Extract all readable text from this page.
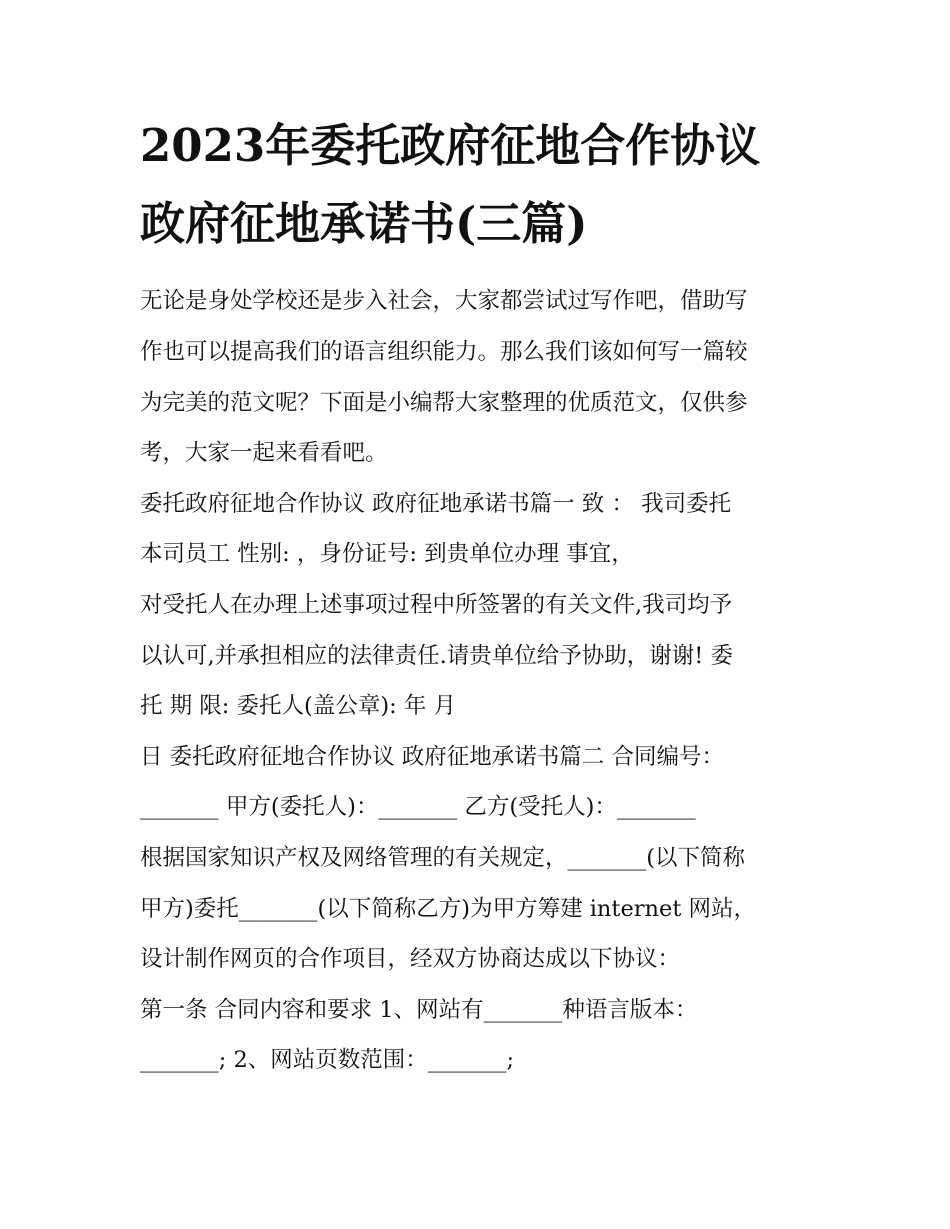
2023年委托政府征地合作协议
政府征地承诺书(三篇)

无论是身处学校还是步入社会，大家都尝试过写作吧，借助写

作也可以提高我们的语言组织能力。那么我们该如何写一篇较

为完美的范文呢？下面是小编帮大家整理的优质范文，仅供参

考，大家一起来看看吧。

委托政府征地合作协议 政府征地承诺书篇一 致 ： 我司委托

本司员工 性别: ，身份证号: 到贵单位办理 事宜，

对受托人在办理上述事项过程中所签署的有关文件,我司均予

以认可,并承担相应的法律责任.请贵单位给予协助，谢谢! 委

托 期 限: 委托人(盖公章): 年 月

日 委托政府征地合作协议 政府征地承诺书篇二 合同编号：

_______ 甲方(委托人)：_______ 乙方(受托人)：_______

根据国家知识产权及网络管理的有关规定，_______(以下简称

甲方)委托_______(以下简称乙方)为甲方筹建 internet 网站，

设计制作网页的合作项目，经双方协商达成以下协议：

第一条 合同内容和要求 1、网站有_______种语言版本：

_______; 2、网站页数范围：_______;
